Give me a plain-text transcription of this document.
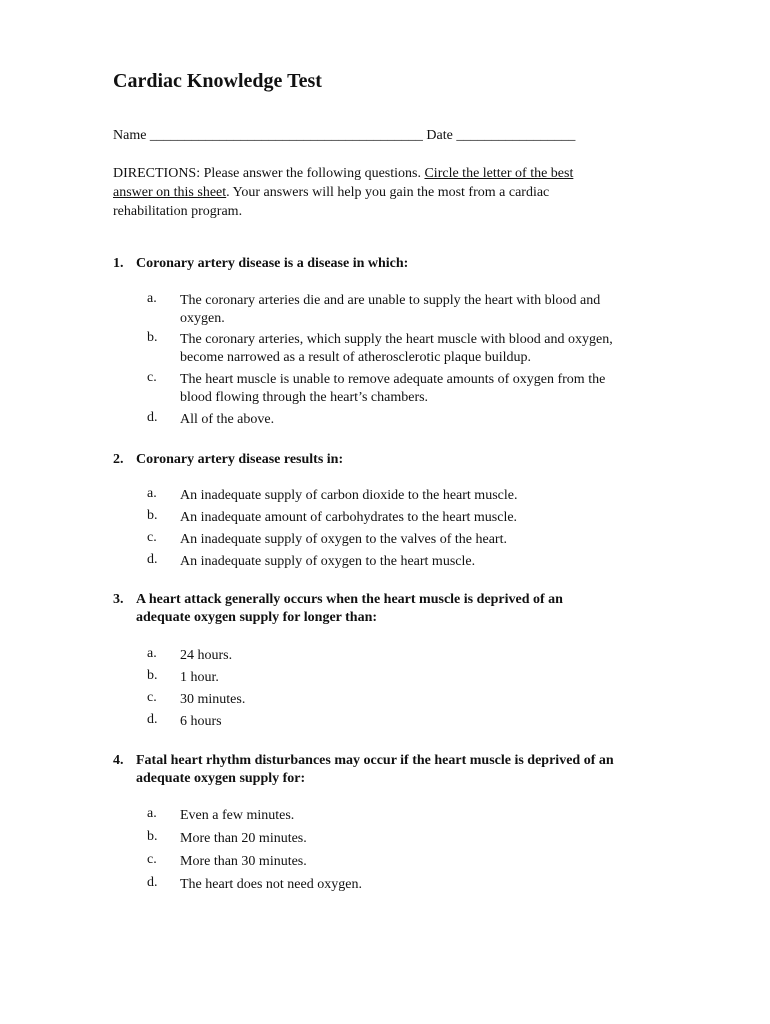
Cardiac Knowledge Test
Name _______________________________________ Date _________________
DIRECTIONS: Please answer the following questions. Circle the letter of the best
answer on this sheet. Your answers will help you gain the most from a cardiac
rehabilitation program.
1. Coronary artery disease is a disease in which:
a.	The coronary arteries die and are unable to supply the heart with blood and
oxygen.
b.	The coronary arteries, which supply the heart muscle with blood and oxygen,
become narrowed as a result of atherosclerotic plaque buildup.
c.	The heart muscle is unable to remove adequate amounts of oxygen from the
blood flowing through the heart’s chambers.
d.	All of the above.
2. Coronary artery disease results in:
a.	An inadequate supply of carbon dioxide to the heart muscle.
b.	An inadequate amount of carbohydrates to the heart muscle.
c.	An inadequate supply of oxygen to the valves of the heart.
d.	An inadequate supply of oxygen to the heart muscle.
3. A heart attack generally occurs when the heart muscle is deprived of an
adequate oxygen supply for longer than:
a.	24 hours.
b.	1 hour.
c.	30 minutes.
d.	6 hours
4. Fatal heart rhythm disturbances may occur if the heart muscle is deprived of an
adequate oxygen supply for:
a.	Even a few minutes.
b.	More than 20 minutes.
c.	More than 30 minutes.
d.	The heart does not need oxygen.
